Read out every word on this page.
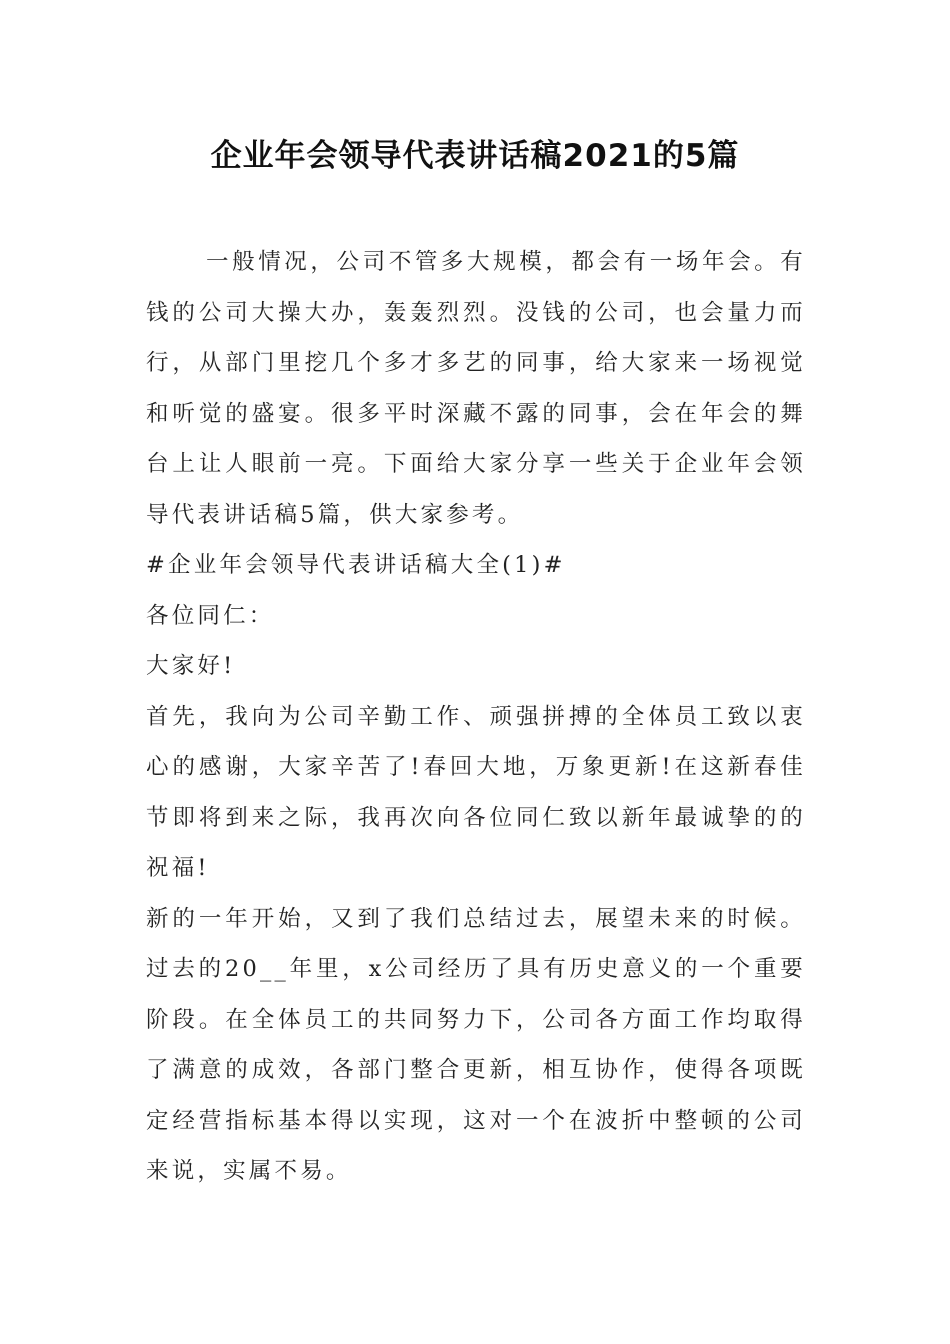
企业年会领导代表讲话稿2021的5篇

一般情况，公司不管多大规模，都会有一场年会。有钱的公司大操大办，轰轰烈烈。没钱的公司，也会量力而行，从部门里挖几个多才多艺的同事，给大家来一场视觉和听觉的盛宴。很多平时深藏不露的同事，会在年会的舞台上让人眼前一亮。下面给大家分享一些关于企业年会领导代表讲话稿5篇，供大家参考。

#企业年会领导代表讲话稿大全(1)#

各位同仁：

大家好!

首先，我向为公司辛勤工作、顽强拼搏的全体员工致以衷心的感谢，大家辛苦了!春回大地，万象更新!在这新春佳节即将到来之际，我再次向各位同仁致以新年最诚挚的的祝福!

新的一年开始，又到了我们总结过去，展望未来的时候。过去的20__年里，x公司经历了具有历史意义的一个重要阶段。在全体员工的共同努力下，公司各方面工作均取得了满意的成效，各部门整合更新，相互协作，使得各项既定经营指标基本得以实现，这对一个在波折中整顿的公司来说，实属不易。
